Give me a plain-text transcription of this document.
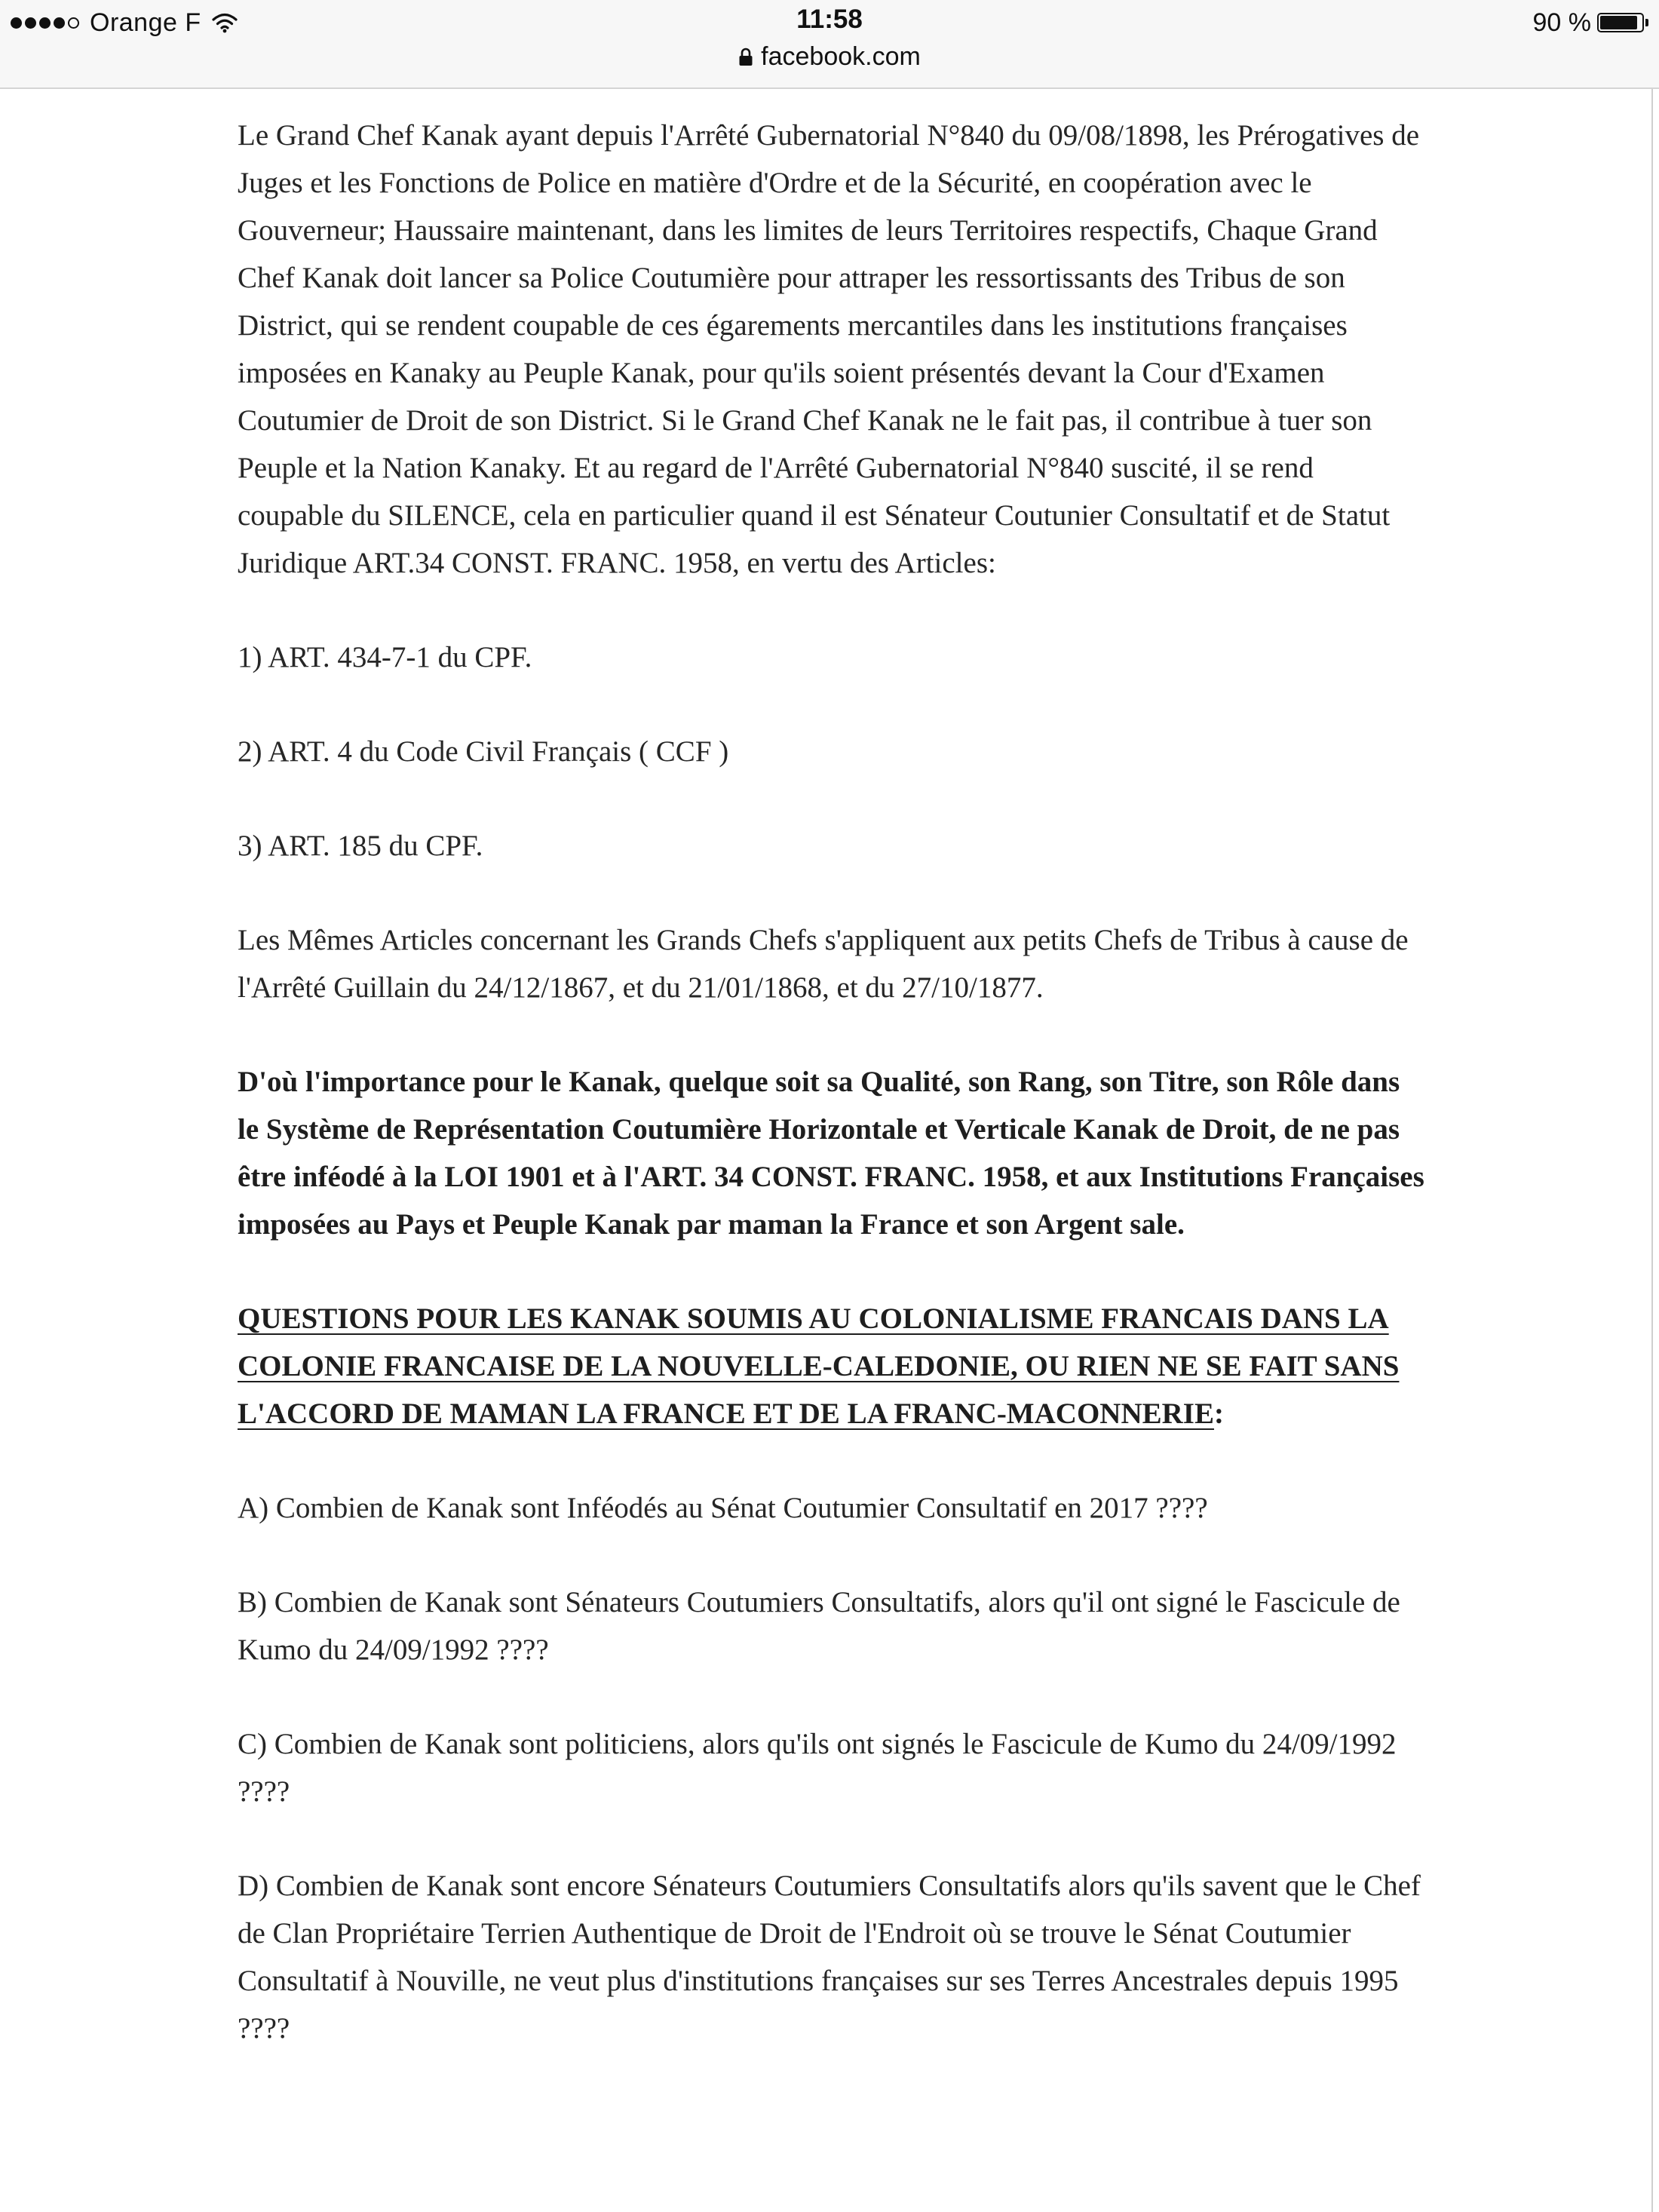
Orange F	11:58
facebook.com
90 %

Le Grand Chef Kanak ayant depuis l'Arrêté Gubernatorial N°840 du 09/08/1898, les Prérogatives de Juges et les Fonctions de Police en matière d'Ordre et de la Sécurité, en coopération avec le Gouverneur; Haussaire maintenant, dans les limites de leurs Territoires respectifs, Chaque Grand Chef Kanak doit lancer sa Police Coutumière pour attraper les ressortissants des Tribus de son District, qui se rendent coupable de ces égarements mercantiles dans les institutions françaises imposées en Kanaky au Peuple Kanak, pour qu'ils soient présentés devant la Cour d'Examen Coutumier de Droit de son District. Si le Grand Chef Kanak ne le fait pas, il contribue à tuer son Peuple et la Nation Kanaky. Et au regard de l'Arrêté Gubernatorial N°840 suscité, il se rend coupable du SILENCE, cela en particulier quand il est Sénateur Coutunier Consultatif et de Statut Juridique ART.34 CONST. FRANC. 1958, en vertu des Articles:

1) ART. 434-7-1 du CPF.

2) ART. 4 du Code Civil Français ( CCF )

3) ART. 185 du CPF.

Les Mêmes Articles concernant les Grands Chefs s'appliquent aux petits Chefs de Tribus à cause de l'Arrêté Guillain du 24/12/1867, et du 21/01/1868, et du 27/10/1877.

D'où l'importance pour le Kanak, quelque soit sa Qualité, son Rang, son Titre, son Rôle dans le Système de Représentation Coutumière Horizontale et Verticale Kanak de Droit, de ne pas être inféodé à la LOI 1901 et à l'ART. 34 CONST. FRANC. 1958, et aux Institutions Françaises imposées au Pays et Peuple Kanak par maman la France et son Argent sale.

QUESTIONS POUR LES KANAK SOUMIS AU COLONIALISME FRANCAIS DANS LA COLONIE FRANCAISE DE LA NOUVELLE-CALEDONIE, OU RIEN NE SE FAIT SANS L'ACCORD DE MAMAN LA FRANCE ET DE LA FRANC-MACONNERIE:

A) Combien de Kanak sont Inféodés au Sénat Coutumier Consultatif en 2017 ????

B) Combien de Kanak sont Sénateurs Coutumiers Consultatifs, alors qu'il ont signé le Fascicule de Kumo du 24/09/1992 ????

C) Combien de Kanak sont politiciens, alors qu'ils ont signés le Fascicule de Kumo du 24/09/1992 ????

D) Combien de Kanak sont encore Sénateurs Coutumiers Consultatifs alors qu'ils savent que le Chef de Clan Propriétaire Terrien Authentique de Droit de l'Endroit où se trouve le Sénat Coutumier Consultatif à Nouville, ne veut plus d'institutions françaises sur ses Terres Ancestrales depuis 1995 ????
